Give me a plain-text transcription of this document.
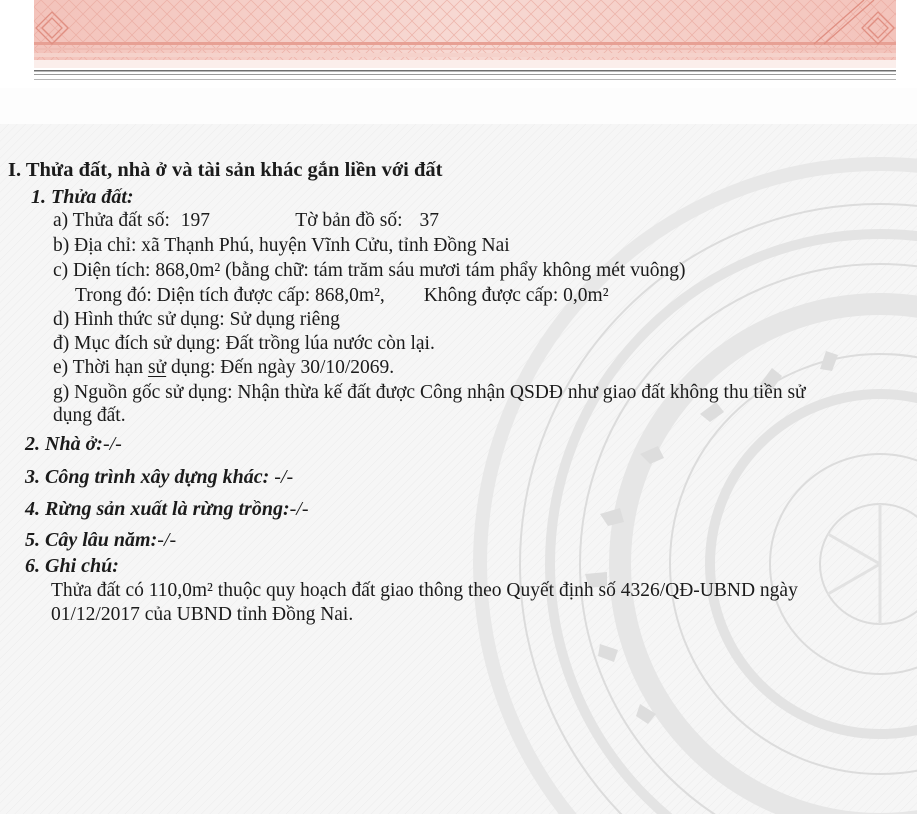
I. Thửa đất, nhà ở và tài sản khác gắn liền với đất
1. Thửa đất:
a) Thửa đất số: 197	Tờ bản đồ số: 37
b) Địa chỉ: xã Thạnh Phú, huyện Vĩnh Cửu, tỉnh Đồng Nai
c) Diện tích: 868,0m² (bằng chữ: tám trăm sáu mươi tám phẩy không mét vuông)
Trong đó: Diện tích được cấp: 868,0m², Không được cấp: 0,0m²
d) Hình thức sử dụng: Sử dụng riêng
đ) Mục đích sử dụng: Đất trồng lúa nước còn lại.
e) Thời hạn sử dụng: Đến ngày 30/10/2069.
g) Nguồn gốc sử dụng: Nhận thừa kế đất được Công nhận QSDĐ như giao đất không thu tiền sử
dụng đất.
2. Nhà ở:-/-
3. Công trình xây dựng khác: -/-
4. Rừng sản xuất là rừng trồng:-/-
5. Cây lâu năm:-/-
6. Ghi chú:
Thửa đất có 110,0m² thuộc quy hoạch đất giao thông theo Quyết định số 4326/QĐ-UBND ngày
01/12/2017 của UBND tỉnh Đồng Nai.
